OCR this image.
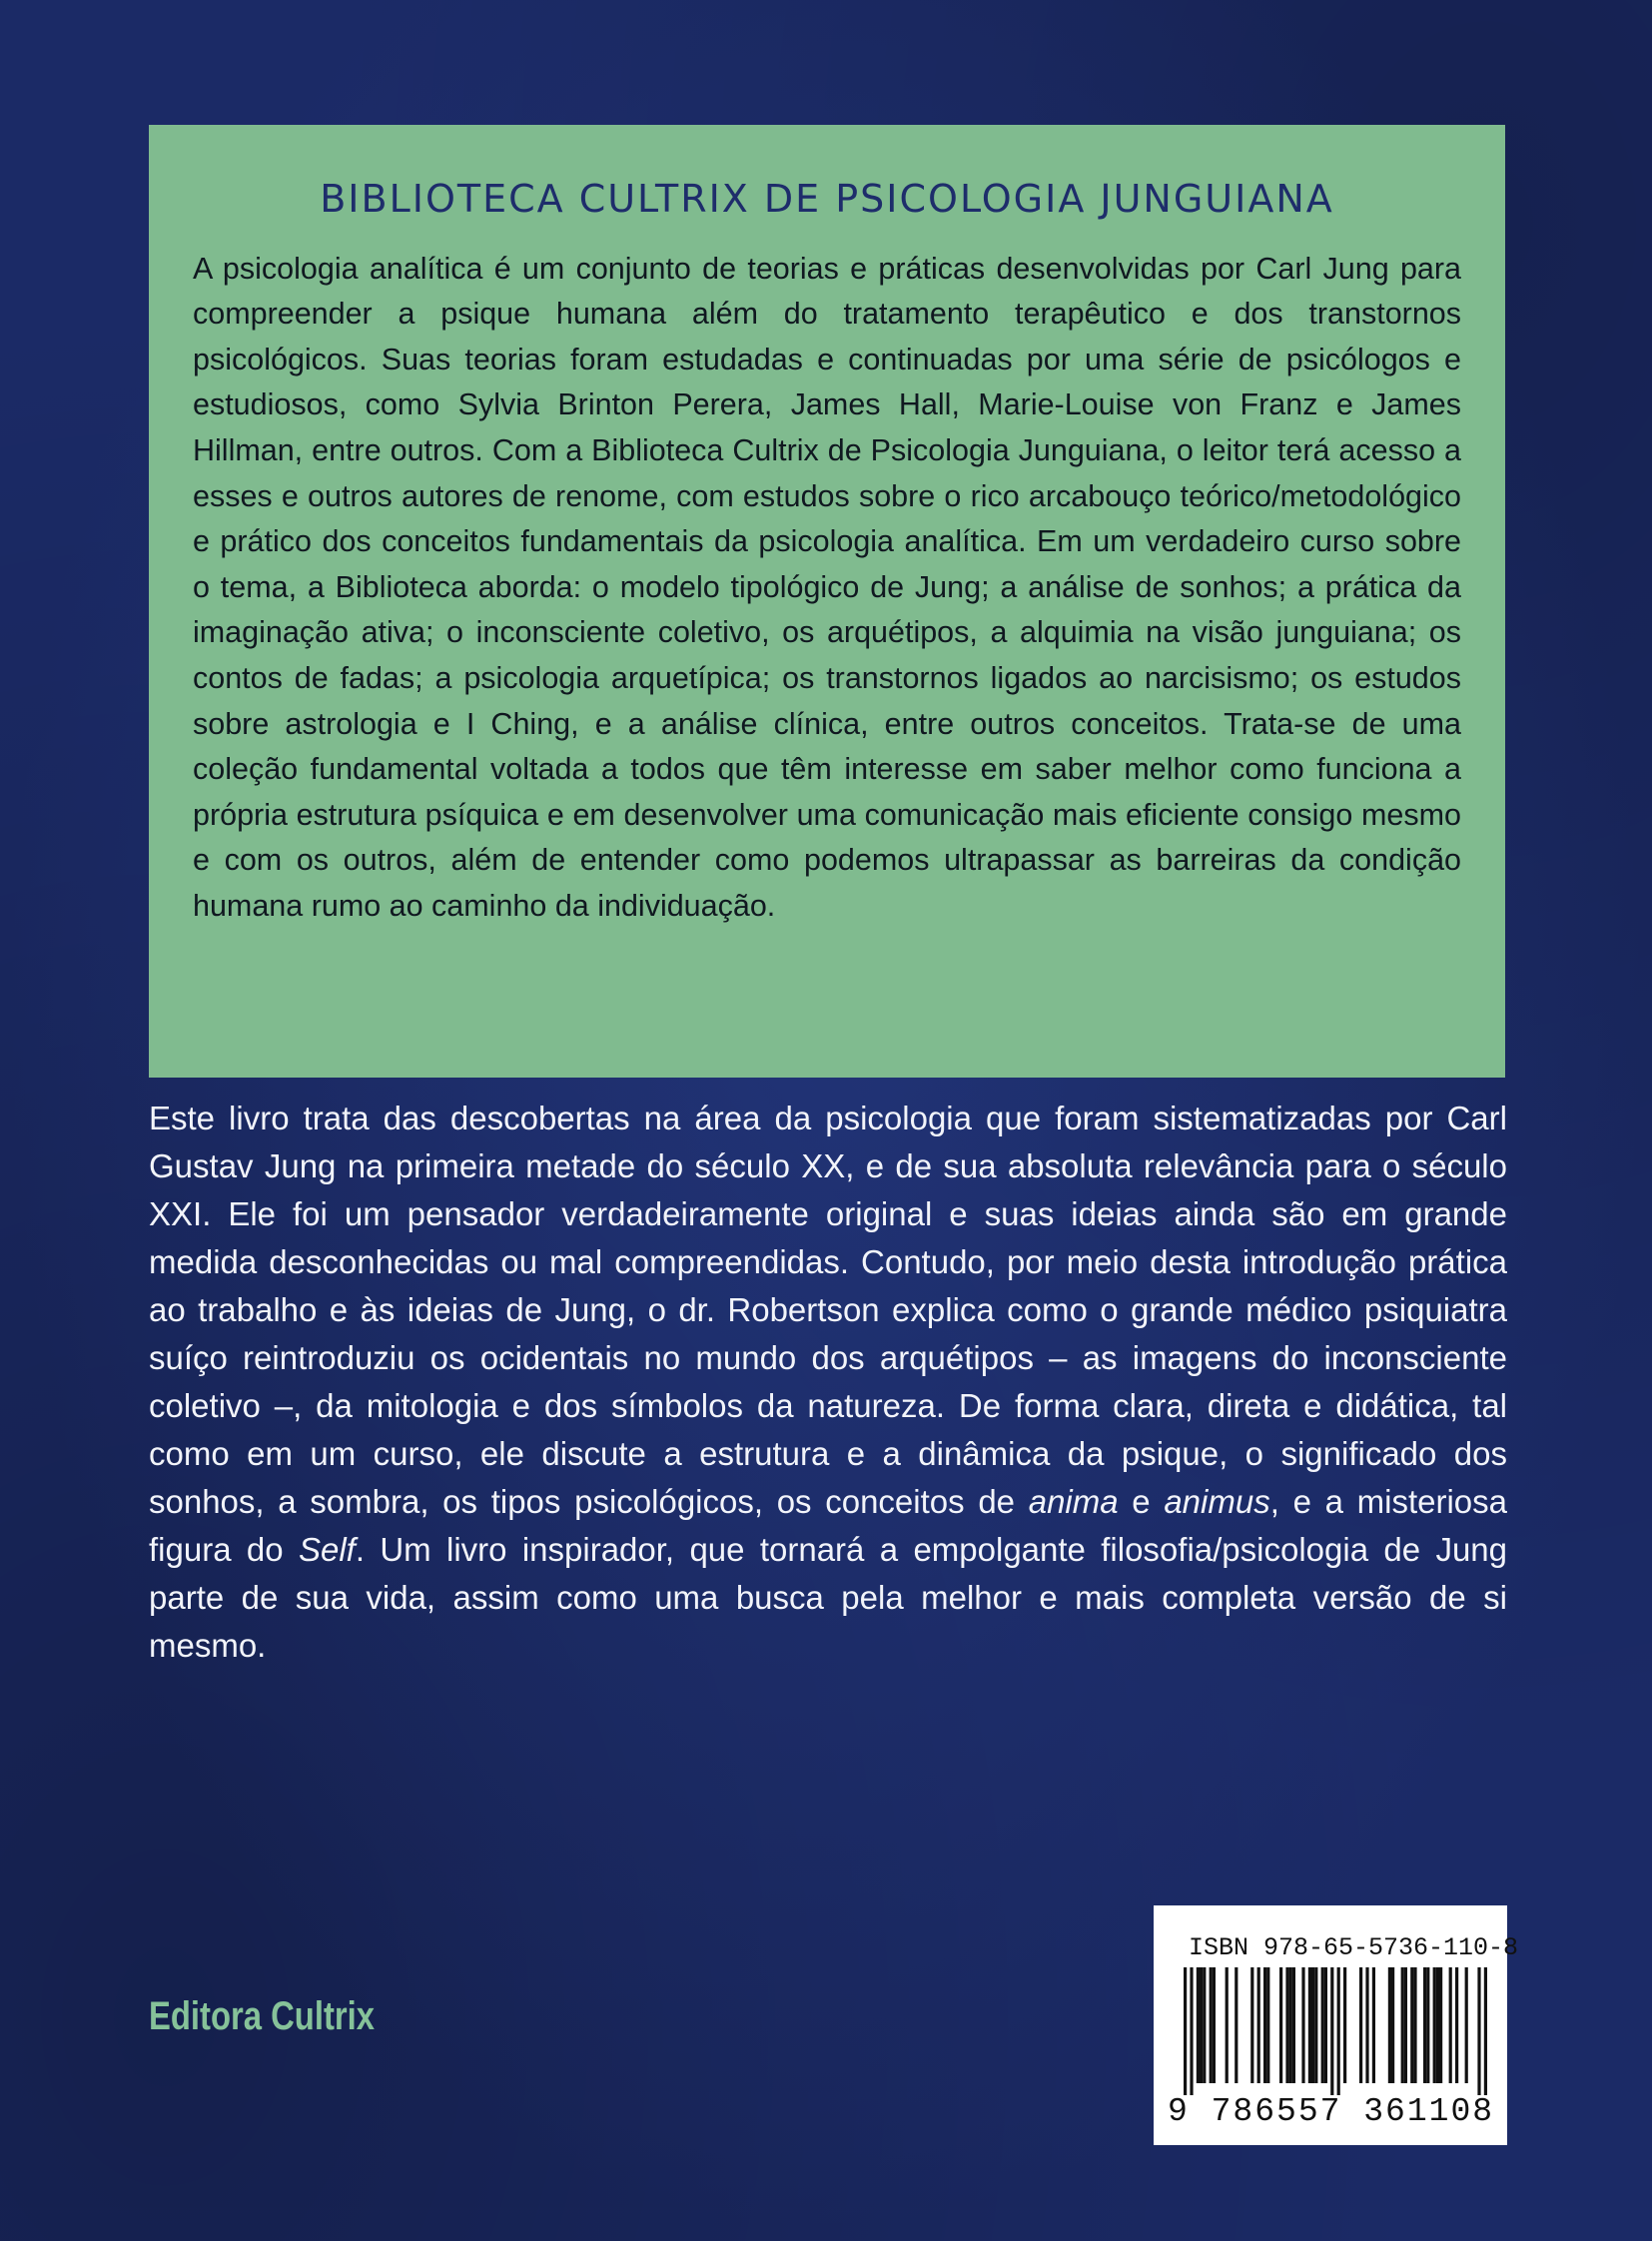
BIBLIOTECA CULTRIX DE PSICOLOGIA JUNGUIANA

A psicologia analítica é um conjunto de teorias e práticas desenvolvidas por Carl Jung para compreender a psique humana além do tratamento terapêutico e dos transtornos psicológicos. Suas teorias foram estudadas e continuadas por uma série de psicólogos e estudiosos, como Sylvia Brinton Perera, James Hall, Marie-Louise von Franz e James Hillman, entre outros. Com a Biblioteca Cultrix de Psicologia Junguiana, o leitor terá acesso a esses e outros autores de renome, com estudos sobre o rico arcabouço teórico/metodológico e prático dos conceitos fundamentais da psicologia analítica. Em um verdadeiro curso sobre o tema, a Biblioteca aborda: o modelo tipológico de Jung; a análise de sonhos; a prática da imaginação ativa; o inconsciente coletivo, os arquétipos, a alquimia na visão junguiana; os contos de fadas; a psicologia arquetípica; os transtornos ligados ao narcisismo; os estudos sobre astrologia e I Ching, e a análise clínica, entre outros conceitos. Trata-se de uma coleção fundamental voltada a todos que têm interesse em saber melhor como funciona a própria estrutura psíquica e em desenvolver uma comunicação mais eficiente consigo mesmo e com os outros, além de entender como podemos ultrapassar as barreiras da condição humana rumo ao caminho da individuação.

Este livro trata das descobertas na área da psicologia que foram sistematizadas por Carl Gustav Jung na primeira metade do século XX, e de sua absoluta relevância para o século XXI. Ele foi um pensador verdadeiramente original e suas ideias ainda são em grande medida desconhecidas ou mal compreendidas. Contudo, por meio desta introdução prática ao trabalho e às ideias de Jung, o dr. Robertson explica como o grande médico psiquiatra suíço reintroduziu os ocidentais no mundo dos arquétipos – as imagens do inconsciente coletivo –, da mitologia e dos símbolos da natureza. De forma clara, direta e didática, tal como em um curso, ele discute a estrutura e a dinâmica da psique, o significado dos sonhos, a sombra, os tipos psicológicos, os conceitos de anima e animus, e a misteriosa figura do Self. Um livro inspirador, que tornará a empolgante filosofia/psicologia de Jung parte de sua vida, assim como uma busca pela melhor e mais completa versão de si mesmo.

Editora Cultrix

ISBN 978-65-5736-110-8

9 786557 361108
